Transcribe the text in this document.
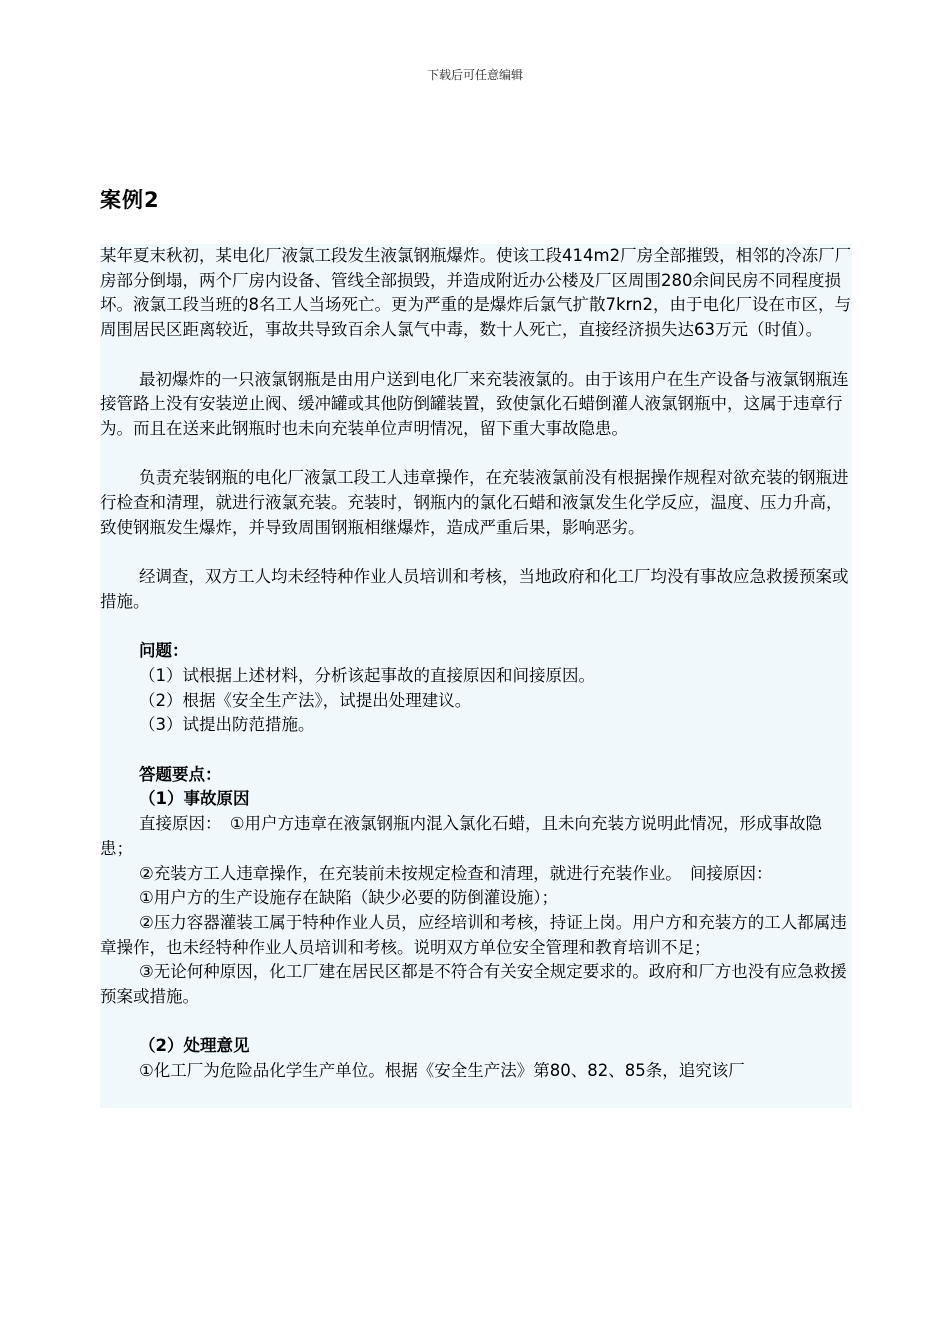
下载后可任意编辑
案例2

某年夏末秋初，某电化厂液氯工段发生液氯钢瓶爆炸。使该工段414m2厂房全部摧毁，相邻的冷冻厂厂房部分倒塌，两个厂房内设备、管线全部损毁，并造成附近办公楼及厂区周围280余间民房不同程度损坏。液氯工段当班的8名工人当场死亡。更为严重的是爆炸后氯气扩散7krn2，由于电化厂设在市区，与周围居民区距离较近，事故共导致百余人氯气中毒，数十人死亡，直接经济损失达63万元（时值）。

最初爆炸的一只液氯钢瓶是由用户送到电化厂来充装液氯的。由于该用户在生产设备与液氯钢瓶连接管路上没有安装逆止阀、缓冲罐或其他防倒罐装置，致使氯化石蜡倒灌人液氯钢瓶中，这属于违章行为。而且在送来此钢瓶时也未向充装单位声明情况，留下重大事故隐患。

负责充装钢瓶的电化厂液氯工段工人违章操作，在充装液氯前没有根据操作规程对欲充装的钢瓶进行检查和清理，就进行液氯充装。充装时，钢瓶内的氯化石蜡和液氯发生化学反应，温度、压力升高，致使钢瓶发生爆炸，并导致周围钢瓶相继爆炸，造成严重后果，影响恶劣。

经调查，双方工人均未经特种作业人员培训和考核，当地政府和化工厂均没有事故应急救援预案或措施。

问题：

（1）试根据上述材料，分析该起事故的直接原因和间接原因。

（2）根据《安全生产法》，试提出处理建议。

（3）试提出防范措施。

答题要点：

（1）事故原因

直接原因：　①用户方违章在液氯钢瓶内混入氯化石蜡，且未向充装方说明此情况，形成事故隐患；

②充装方工人违章操作，在充装前未按规定检查和清理，就进行充装作业。　间接原因：

①用户方的生产设施存在缺陷（缺少必要的防倒灌设施）；

②压力容器灌装工属于特种作业人员，应经培训和考核，持证上岗。用户方和充装方的工人都属违章操作，也未经特种作业人员培训和考核。说明双方单位安全管理和教育培训不足；

③无论何种原因，化工厂建在居民区都是不符合有关安全规定要求的。政府和厂方也没有应急救援预案或措施。

（2）处理意见

①化工厂为危险品化学生产单位。根据《安全生产法》第80、82、85条，追究该厂
